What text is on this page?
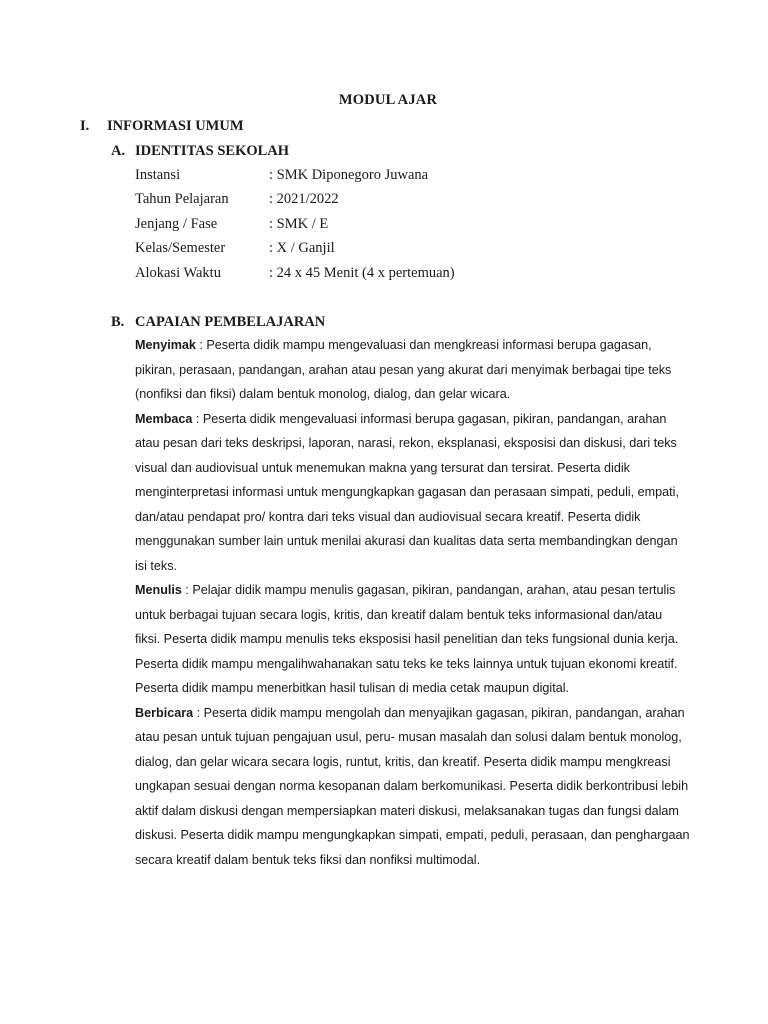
MODUL AJAR
I. INFORMASI UMUM
A. IDENTITAS SEKOLAH
Instansi	: SMK Diponegoro Juwana
Tahun Pelajaran	: 2021/2022
Jenjang / Fase	: SMK / E
Kelas/Semester	: X / Ganjil
Alokasi Waktu	: 24 x 45 Menit (4 x pertemuan)
B. CAPAIAN PEMBELAJARAN

Menyimak : Peserta didik mampu mengevaluasi dan mengkreasi informasi berupa gagasan, pikiran, perasaan, pandangan, arahan atau pesan yang akurat dari menyimak berbagai tipe teks (nonfiksi dan fiksi) dalam bentuk monolog, dialog, dan gelar wicara.

Membaca : Peserta didik mengevaluasi informasi berupa gagasan, pikiran, pandangan, arahan atau pesan dari teks deskripsi, laporan, narasi, rekon, eksplanasi, eksposisi dan diskusi, dari teks visual dan audiovisual untuk menemukan makna yang tersurat dan tersirat. Peserta didik menginterpretasi informasi untuk mengungkapkan gagasan dan perasaan simpati, peduli, empati, dan/atau pendapat pro/ kontra dari teks visual dan audiovisual secara kreatif. Peserta didik menggunakan sumber lain untuk menilai akurasi dan kualitas data serta membandingkan dengan isi teks.

Menulis : Pelajar didik mampu menulis gagasan, pikiran, pandangan, arahan, atau pesan tertulis untuk berbagai tujuan secara logis, kritis, dan kreatif dalam bentuk teks informasional dan/atau fiksi. Peserta didik mampu menulis teks eksposisi hasil penelitian dan teks fungsional dunia kerja. Peserta didik mampu mengalihwahanakan satu teks ke teks lainnya untuk tujuan ekonomi kreatif. Peserta didik mampu menerbitkan hasil tulisan di media cetak maupun digital.

Berbicara : Peserta didik mampu mengolah dan menyajikan gagasan, pikiran, pandangan, arahan atau pesan untuk tujuan pengajuan usul, peru- musan masalah dan solusi dalam bentuk monolog, dialog, dan gelar wicara secara logis, runtut, kritis, dan kreatif. Peserta didik mampu mengkreasi ungkapan sesuai dengan norma kesopanan dalam berkomunikasi. Peserta didik berkontribusi lebih aktif dalam diskusi dengan mempersiapkan materi diskusi, melaksanakan tugas dan fungsi dalam diskusi. Peserta didik mampu mengungkapkan simpati, empati, peduli, perasaan, dan penghargaan secara kreatif dalam bentuk teks fiksi dan nonfiksi multimodal.
